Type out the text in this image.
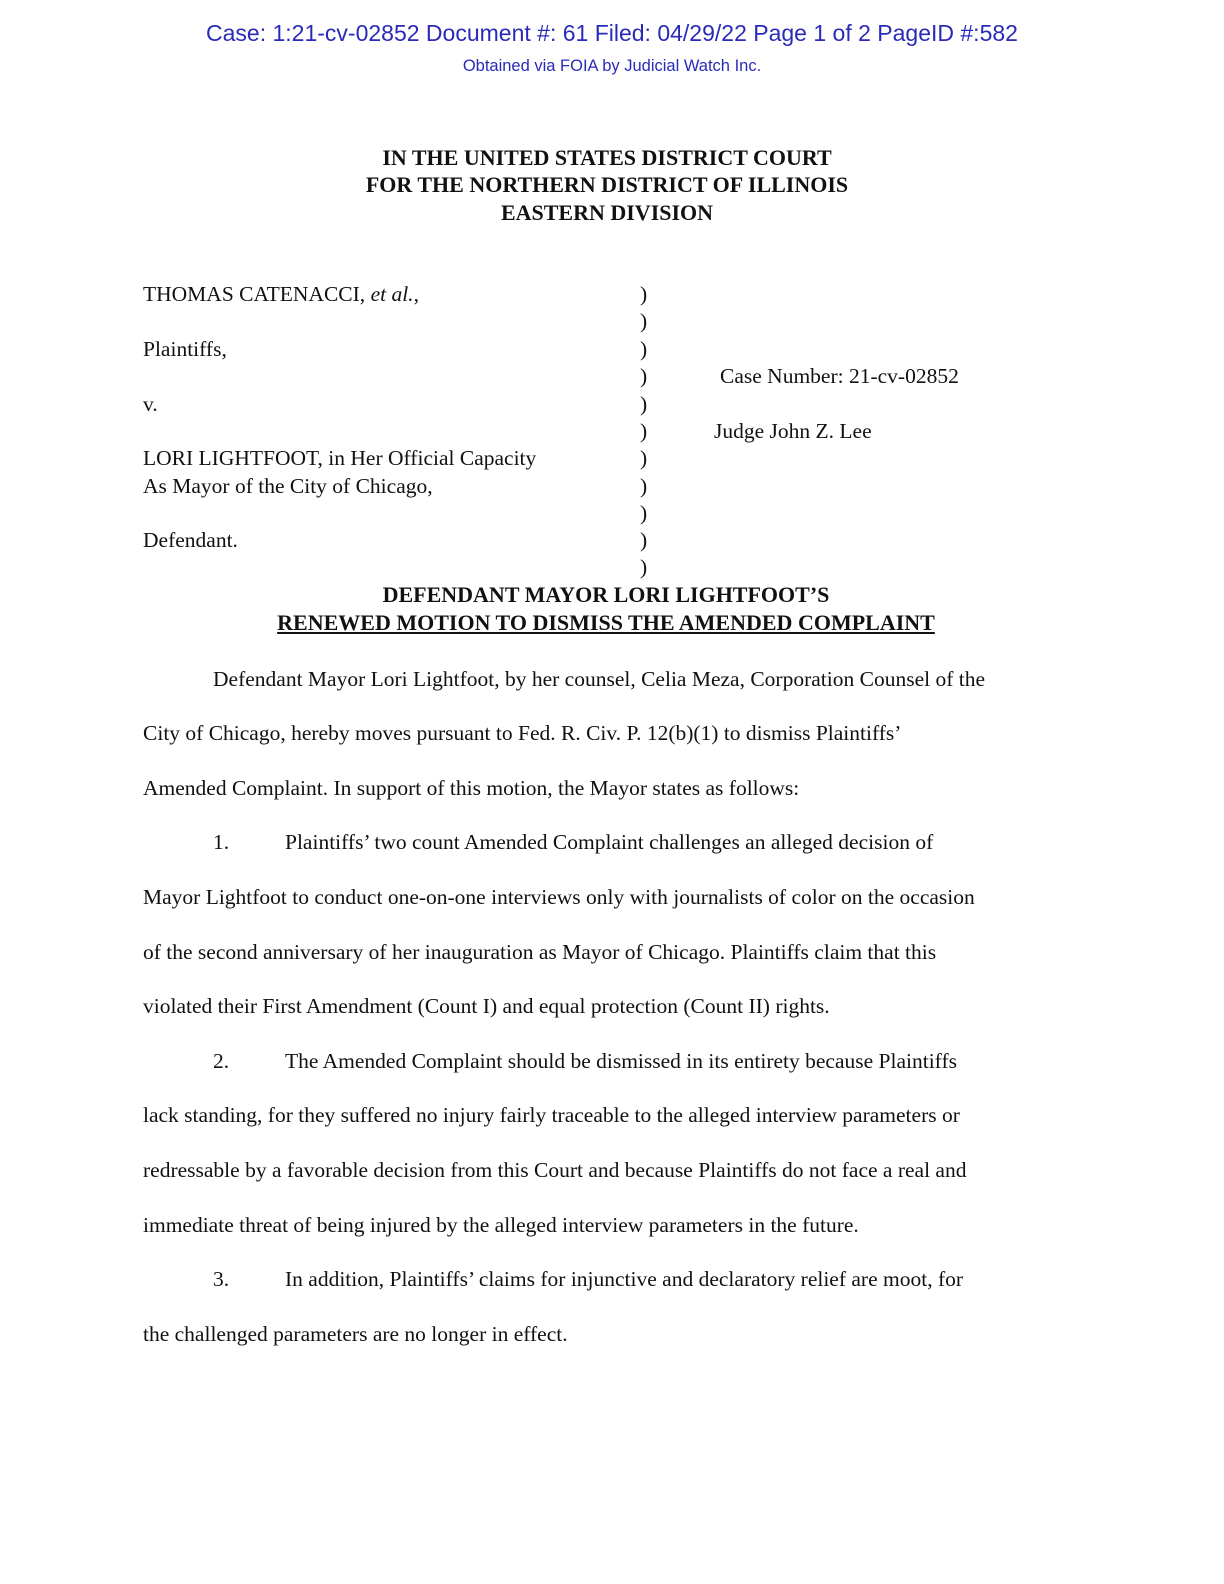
Case: 1:21-cv-02852 Document #: 61 Filed: 04/29/22 Page 1 of 2 PageID #:582
Obtained via FOIA by Judicial Watch Inc.
IN THE UNITED STATES DISTRICT COURT
FOR THE NORTHERN DISTRICT OF ILLINOIS
EASTERN DIVISION
THOMAS CATENACCI, et al.,
Plaintiffs,
v.
LORI LIGHTFOOT, in Her Official Capacity
As Mayor of the City of Chicago,
Defendant.
)
)
)
)
)
)
)
)
)
)
)
Case Number: 21-cv-02852
Judge John Z. Lee
DEFENDANT MAYOR LORI LIGHTFOOT’S
RENEWED MOTION TO DISMISS THE AMENDED COMPLAINT
Defendant Mayor Lori Lightfoot, by her counsel, Celia Meza, Corporation Counsel of the
City of Chicago, hereby moves pursuant to Fed. R. Civ. P. 12(b)(1) to dismiss Plaintiffs’
Amended Complaint. In support of this motion, the Mayor states as follows:
1.	Plaintiffs’ two count Amended Complaint challenges an alleged decision of
Mayor Lightfoot to conduct one-on-one interviews only with journalists of color on the occasion
of the second anniversary of her inauguration as Mayor of Chicago. Plaintiffs claim that this
violated their First Amendment (Count I) and equal protection (Count II) rights.
2.	The Amended Complaint should be dismissed in its entirety because Plaintiffs
lack standing, for they suffered no injury fairly traceable to the alleged interview parameters or
redressable by a favorable decision from this Court and because Plaintiffs do not face a real and
immediate threat of being injured by the alleged interview parameters in the future.
3.	In addition, Plaintiffs’ claims for injunctive and declaratory relief are moot, for
the challenged parameters are no longer in effect.
